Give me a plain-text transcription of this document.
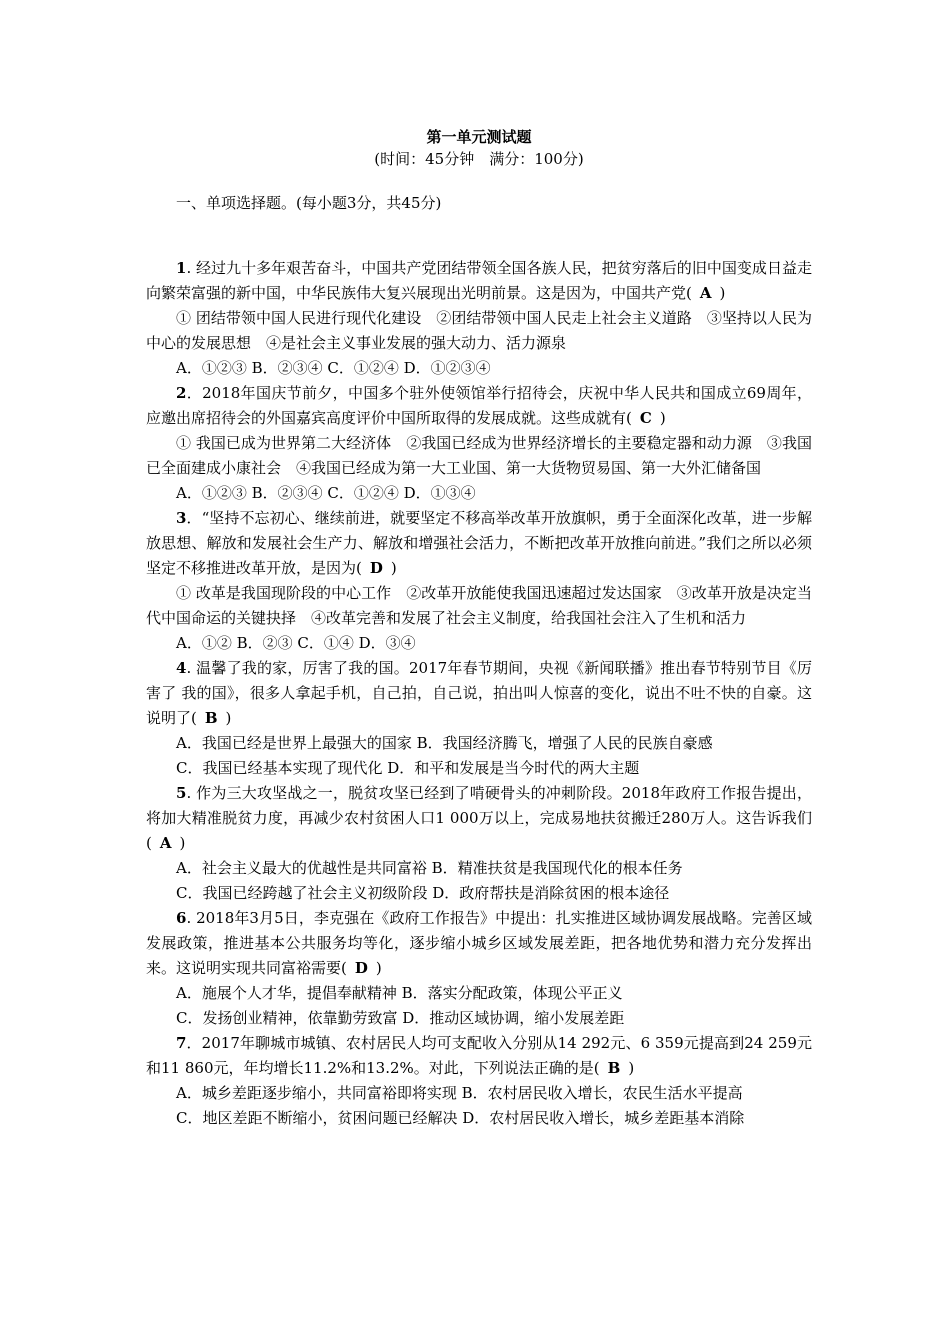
第一单元测试题
(时间：45分钟　满分：100分)
一、单项选择题。(每小题3分，共45分)

1. 经过九十多年艰苦奋斗，中国共产党团结带领全国各族人民，把贫穷落后的旧中国变成日益走向繁荣富强的新中国，中华民族伟大复兴展现出光明前景。这是因为，中国共产党( A )

① 团结带领中国人民进行现代化建设　②团结带领中国人民走上社会主义道路　③坚持以人民为中心的发展思想　④是社会主义事业发展的强大动力、活力源泉

A．①②③ B．②③④ C．①②④ D．①②③④

2．2018年国庆节前夕，中国多个驻外使领馆举行招待会，庆祝中华人民共和国成立69周年，应邀出席招待会的外国嘉宾高度评价中国所取得的发展成就。这些成就有( C )

① 我国已成为世界第二大经济体　②我国已经成为世界经济增长的主要稳定器和动力源　③我国已全面建成小康社会　④我国已经成为第一大工业国、第一大货物贸易国、第一大外汇储备国

A．①②③ B．②③④ C．①②④ D．①③④

3．“坚持不忘初心、继续前进，就要坚定不移高举改革开放旗帜，勇于全面深化改革，进一步解放思想、解放和发展社会生产力、解放和增强社会活力，不断把改革开放推向前进。”我们之所以必须坚定不移推进改革开放，是因为( D )

① 改革是我国现阶段的中心工作　②改革开放能使我国迅速超过发达国家　③改革开放是决定当代中国命运的关键抉择　④改革完善和发展了社会主义制度，给我国社会注入了生机和活力

A．①② B．②③ C．①④ D．③④

4. 温馨了我的家，厉害了我的国。2017年春节期间，央视《新闻联播》推出春节特别节目《厉害了 我的国》，很多人拿起手机，自己拍，自己说，拍出叫人惊喜的变化，说出不吐不快的自豪。这说明了( B )

A．我国已经是世界上最强大的国家 B．我国经济腾飞，增强了人民的民族自豪感

C．我国已经基本实现了现代化 D．和平和发展是当今时代的两大主题

5. 作为三大攻坚战之一，脱贫攻坚已经到了啃硬骨头的冲刺阶段。2018年政府工作报告提出，将加大精准脱贫力度，再减少农村贫困人口1 000万以上，完成易地扶贫搬迁280万人。这告诉我们( A )

A．社会主义最大的优越性是共同富裕 B．精准扶贫是我国现代化的根本任务

C．我国已经跨越了社会主义初级阶段 D．政府帮扶是消除贫困的根本途径

6. 2018年3月5日，李克强在《政府工作报告》中提出：扎实推进区域协调发展战略。完善区域发展政策，推进基本公共服务均等化，逐步缩小城乡区域发展差距，把各地优势和潜力充分发挥出来。这说明实现共同富裕需要( D )

A．施展个人才华，提倡奉献精神 B．落实分配政策，体现公平正义

C．发扬创业精神，依靠勤劳致富 D．推动区域协调，缩小发展差距

7．2017年聊城市城镇、农村居民人均可支配收入分别从14 292元、6 359元提高到24 259元和11 860元，年均增长11.2%和13.2%。对此，下列说法正确的是( B )

A．城乡差距逐步缩小，共同富裕即将实现 B．农村居民收入增长，农民生活水平提高

C．地区差距不断缩小，贫困问题已经解决 D．农村居民收入增长，城乡差距基本消除
